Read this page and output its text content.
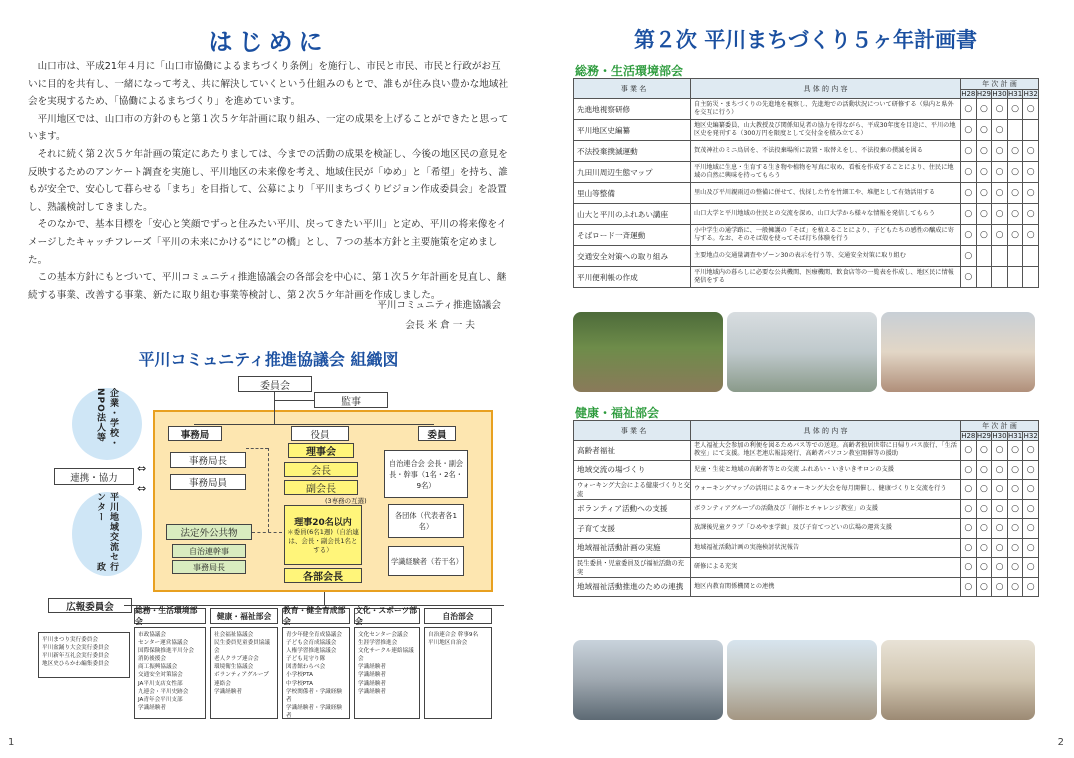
はじめに

山口市は、平成21年４月に「山口市協働によるまちづくり条例」を施行し、市民と市民、市民と行政がお互いに目的を共有し、一緒になって考え、共に解決していくという仕組みのもとで、誰もが住み良い豊かな地域社会を実現するため、「協働によるまちづくり」を進めています。

平川地区では、山口市の方針のもと第１次５ケ年計画に取り組み、一定の成果を上げることができたと思っています。

それに続く第２次５ケ年計画の策定にあたりましては、今までの活動の成果を検証し、今後の地区民の意見を反映するためのアンケート調査を実施し、平川地区の未来像を考え、地域住民が「ゆめ」と「希望」を持ち、誰もが安全で、安心して暮らせる「まち」を目指して、公募により「平川まちづくりビジョン作成委員会」を設置し、熟議検討してきました。

そのなかで、基本目標を「安心と笑顔でずっと住みたい平川、戻ってきたい平川」と定め、平川の将来像をイメージしたキャッチフレーズ「平川の未来にかける“にじ”の橋」とし、７つの基本方針と主要施策を定めました。

この基本方針にもとづいて、平川コミュニティ推進協議会の各部会を中心に、第１次５ケ年計画を見直し、継続する事業、改善する事業、新たに取り組む事業等検討し、第２次５ケ年計画を作成しました。

平川コミュニティ推進協議会
会長 米 倉 一 夫
平川コミュニティ推進協議会 組織図
委員会
監事
企業・学校・NPO法人等
連携・協力
平川地域交流センター
行政
⇔
⇔
事務局	役員	委員
事務局長
事務局員
法定外公共物
自治連幹事
事務局長
理事会
会長
副会長
(3専務の互選)
理事20名以内
＊委員(6名1週)（自治連は、会長・副会長1名とする）
各部会長
自治連合会 会長・副会長・幹事（1名・2名・9名）
各団体（代表者各1名）
学識経験者（若干名）
広報委員会
平川まつり実行委員会
平川盆踊り大会実行委員会
平川新年互礼会実行委員会
地区史ひらかわ編集委員会
総務・生活環境部会
健康・福祉部会
教育・健全育成部会
文化・スポーツ部会
自治部会
市政協議会
センター運営協議会
国際保険推進平川分会
消防後援会
商工振興協議会
交通安全対策協会
JA平川支店女性部
九連会・平川史跡会
JA青年会平川支部
学識経験者
社会福祉協議会
民生委員児童委員協議会
老人クラブ連合会
環境衛生協議会
ボランティアグループ連絡会
学識経験者
青少年健全育成協議会
子ども会育成協議会
人権学習推進協議会
子ども見守り隊
図書館わらべ会
小学校PTA
中学校PTA
学校関係者・学識経験者
学識経験者・学識経験者
文化センター会議会
生涯学習推進会
文化サークル連絡協議会
学識経験者
学識経験者
学識経験者
学識経験者
自治連合会 幹事9名
平川地区自治会
1
第２次 平川まちづくり５ヶ年計画書
総務・生活環境部会
事 業 名	具 体 的 内 容	年 次 計 画				
		H28	H29	H30	H31	H32
先進地視察研修	自主防災・まちづくりの先進地を視察し、先進地での活動状況について研修する（県内と県外を交互に行う）	○	○	○	○	○
平川地区史編纂	地区史編纂委員、山大教授及び関係知見者の協力を得ながら、平成30年度を目途に、平川の地区史を発刊する（300万円を限度として交付金を積み立てる）	○	○	○		
不法投棄撲滅運動	賀茂神社のミニ鳥居を、不法投棄場所に設置・取替えをし、不法投棄の撲滅を図る	○	○	○	○	○
九田川周辺生態マップ	平川地域に生息・生育する生き物や植物を写真に収め、看板を作成することにより、住民に地域の自然に興味を持ってもらう	○	○	○	○	○
里山等整備	里山及び平川親雨辺の整備に併せて、伐採した竹を竹細工や、堆肥として有効活用する	○	○	○	○	○
山大と平川のふれあい講座	山口大学と平川地域の住民との交流を深め、山口大学から様々な情報を発信してもらう	○	○	○	○	○
そばロード一斉運動	小中学生の通学路に、一般擁護の「そば」を植えることにより、子どもたちの感性の醸成に寄与する。なお、そのそば殻を使ってそば打ち体験を行う	○	○	○	○	○
交通安全対策への取り組み	主要地点の交通量調査やゾーン30の表示を行う等、交通安全対策に取り組む	○				
平川便利帳の作成	平川地域内の暮らしに必要な公共機関、医療機関、飲食店等の一覧表を作成し、地区民に情報発信をする	○				
健康・福祉部会
事 業 名	具 体 的 内 容	年 次 計 画				
		H28	H29	H30	H31	H32
高齢者福祉	老人福祉大会参加の利便を図るためバス等での送迎。高齢者独居世帯に日帰りバス旅行、「生活教室」にて支援。地区老連広報誌発行、高齢者パソコン教室開催等の援助	○	○	○	○	○
地域交流の場づくり	児童・生徒と地域の高齢者等との交流 ふれあい・いきいきサロンの支援	○	○	○	○	○
ウォーキング大会による健康づくりと交流	ウォーキングマップの活用によるウォーキング大会を毎月開催し、健康づくりと交流を行う	○	○	○	○	○
ボランティア活動への支援	ボランティアグループの活動及び「創作とチャレンジ教室」の支援	○	○	○	○	○
子育て支援	放課後児童クラブ「ひめやま学級」及び子育てつどいの広場の運営支援	○	○	○	○	○
地域福祉活動計画の実施	地域福祉活動計画の実施検討状況報告	○	○	○	○	○
民生委員・児童委員及び福祉活動の充実	研修による充実	○	○	○	○	○
地域福祉活動推進のための連携	地区内教育関係機関との連携	○	○	○	○	○
2
